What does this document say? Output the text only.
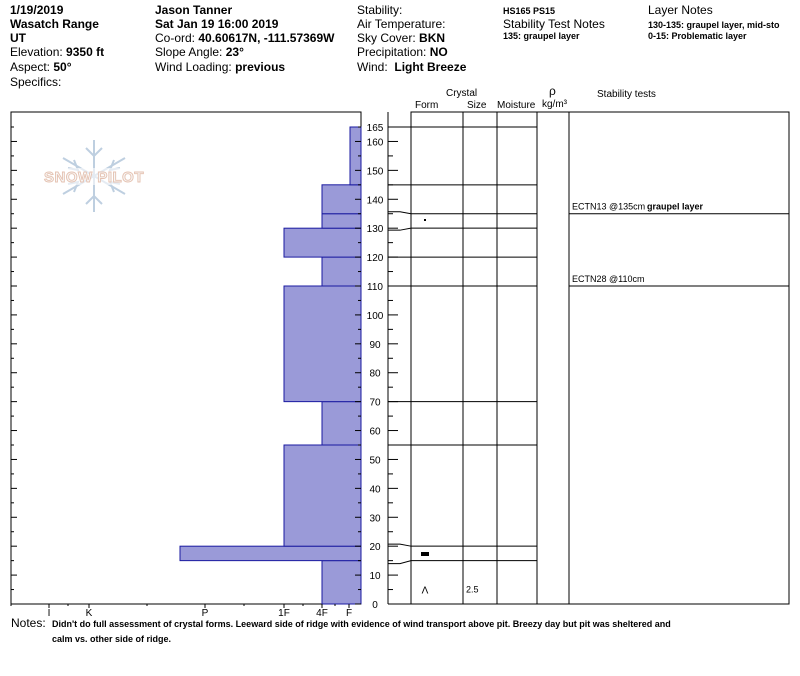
1/19/2019
Wasatch Range
UT
Elevation: 9350 ft
Aspect: 50°
Specifics:
Jason Tanner
Sat Jan 19 16:00 2019
Co-ord: 40.60617N, -111.57369W
Slope Angle: 23°
Wind Loading: previous
Stability:
Air Temperature:
Sky Cover: BKN
Precipitation: NO
Wind: Light Breeze
HS165 PS15
Stability Test Notes
135: graupel layer
Layer Notes
130-135: graupel layer, mid-sto
0-15: Problematic layer
Crystal
Form	Size Moisture
ρ
kg/m³
Stability tests
SNOW PILOT
I	K	P	1F	4F F
0
10
20
30
40
50
60
70
80
90
100
110
120
130
140
150
160
165
ECTN13 @135cm graupel layer
ECTN28 @110cm
Λ	2.5
Notes: Didn't do full assessment of crystal forms. Leeward side of ridge with evidence of wind transport above pit. Breezy day but pit was sheltered and
calm vs. other side of ridge.
